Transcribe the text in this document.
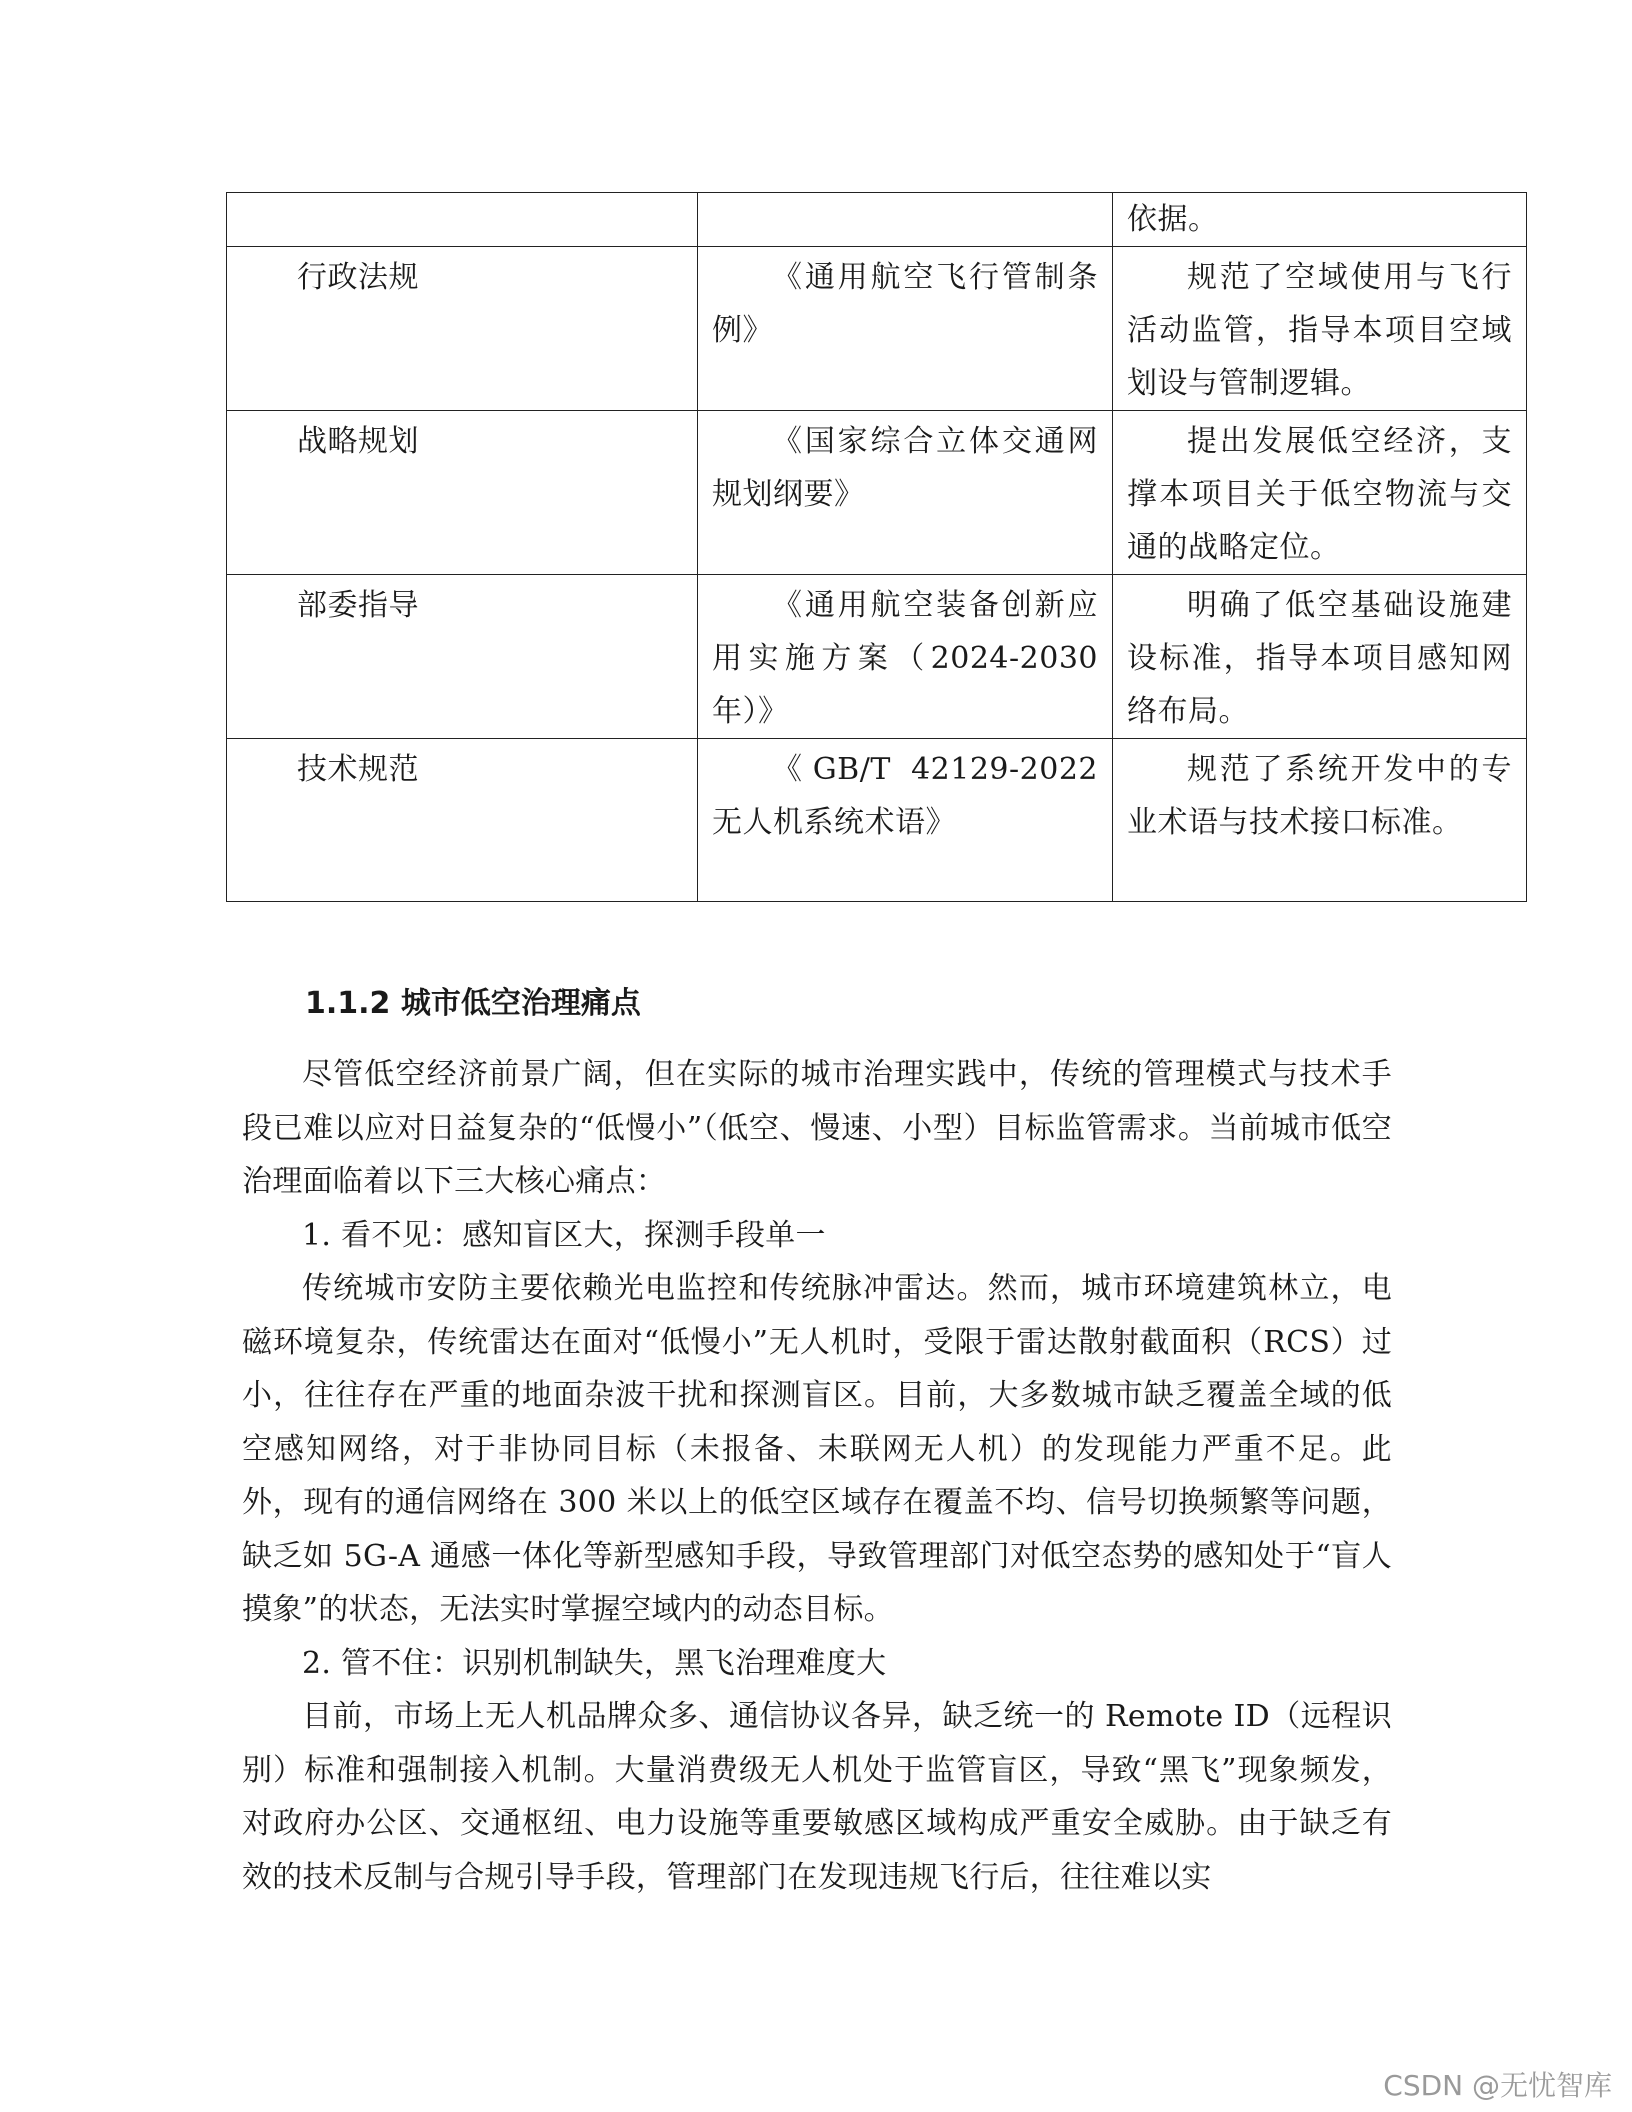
		依据。

行政法规	《通用航空飞行管制条例》	规范了空域使用与飞行活动监管，指导本项目空域划设与管制逻辑。

战略规划	《国家综合立体交通网规划纲要》	提出发展低空经济，支撑本项目关于低空物流与交通的战略定位。

部委指导	《通用航空装备创新应用实施方案（2024-2030年）》	明确了低空基础设施建设标准，指导本项目感知网络布局。

技术规范	《GB/T 42129-2022 无人机系统术语》	规范了系统开发中的专业术语与技术接口标准。
1.1.2 城市低空治理痛点

尽管低空经济前景广阔，但在实际的城市治理实践中，传统的管理模式与技术手段已难以应对日益复杂的“低慢小”（低空、慢速、小型）目标监管需求。当前城市低空治理面临着以下三大核心痛点：

1. 看不见：感知盲区大，探测手段单一

传统城市安防主要依赖光电监控和传统脉冲雷达。然而，城市环境建筑林立，电磁环境复杂，传统雷达在面对“低慢小”无人机时，受限于雷达散射截面积（RCS）过小，往往存在严重的地面杂波干扰和探测盲区。目前，大多数城市缺乏覆盖全域的低空感知网络，对于非协同目标（未报备、未联网无人机）的发现能力严重不足。此外，现有的通信网络在 300 米以上的低空区域存在覆盖不均、信号切换频繁等问题，缺乏如 5G-A 通感一体化等新型感知手段，导致管理部门对低空态势的感知处于“盲人摸象”的状态，无法实时掌握空域内的动态目标。

2. 管不住：识别机制缺失，黑飞治理难度大

目前，市场上无人机品牌众多、通信协议各异，缺乏统一的 Remote ID（远程识别）标准和强制接入机制。大量消费级无人机处于监管盲区，导致“黑飞”现象频发，对政府办公区、交通枢纽、电力设施等重要敏感区域构成严重安全威胁。由于缺乏有效的技术反制与合规引导手段，管理部门在发现违规飞行后，往往难以实

CSDN @无忧智库
